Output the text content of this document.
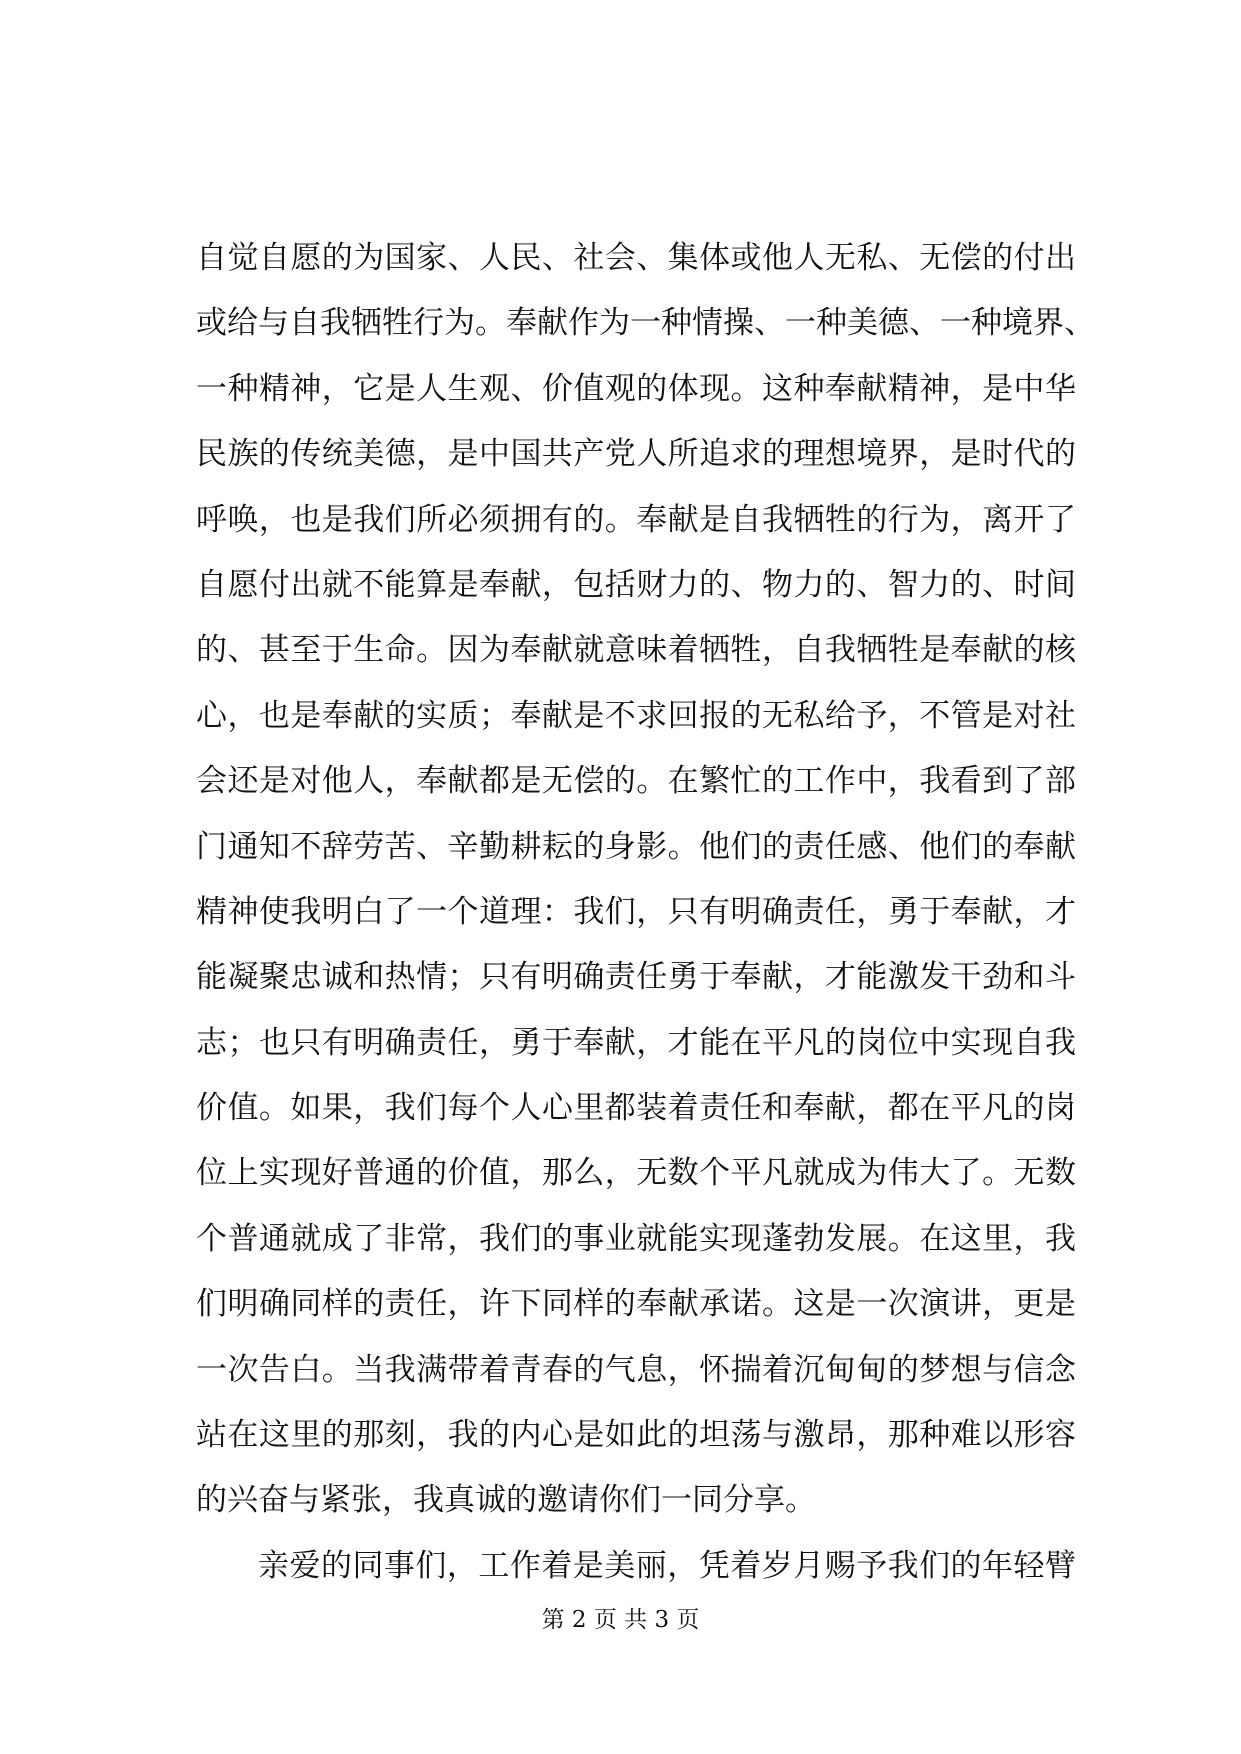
自觉自愿的为国家、人民、社会、集体或他人无私、无偿的付出
或给与自我牺牲行为。奉献作为一种情操、一种美德、一种境界、
一种精神，它是人生观、价值观的体现。这种奉献精神，是中华
民族的传统美德，是中国共产党人所追求的理想境界，是时代的
呼唤，也是我们所必须拥有的。奉献是自我牺牲的行为，离开了
自愿付出就不能算是奉献，包括财力的、物力的、智力的、时间
的、甚至于生命。因为奉献就意味着牺牲，自我牺牲是奉献的核
心，也是奉献的实质；奉献是不求回报的无私给予，不管是对社
会还是对他人，奉献都是无偿的。在繁忙的工作中，我看到了部
门通知不辞劳苦、辛勤耕耘的身影。他们的责任感、他们的奉献
精神使我明白了一个道理：我们，只有明确责任，勇于奉献，才
能凝聚忠诚和热情；只有明确责任勇于奉献，才能激发干劲和斗
志；也只有明确责任，勇于奉献，才能在平凡的岗位中实现自我
价值。如果，我们每个人心里都装着责任和奉献，都在平凡的岗
位上实现好普通的价值，那么，无数个平凡就成为伟大了。无数
个普通就成了非常，我们的事业就能实现蓬勃发展。在这里，我
们明确同样的责任，许下同样的奉献承诺。这是一次演讲，更是
一次告白。当我满带着青春的气息，怀揣着沉甸甸的梦想与信念
站在这里的那刻，我的内心是如此的坦荡与激昂，那种难以形容
的兴奋与紧张，我真诚的邀请你们一同分享。
亲爱的同事们，工作着是美丽，凭着岁月赐予我们的年轻臂
第 2 页 共 3 页
